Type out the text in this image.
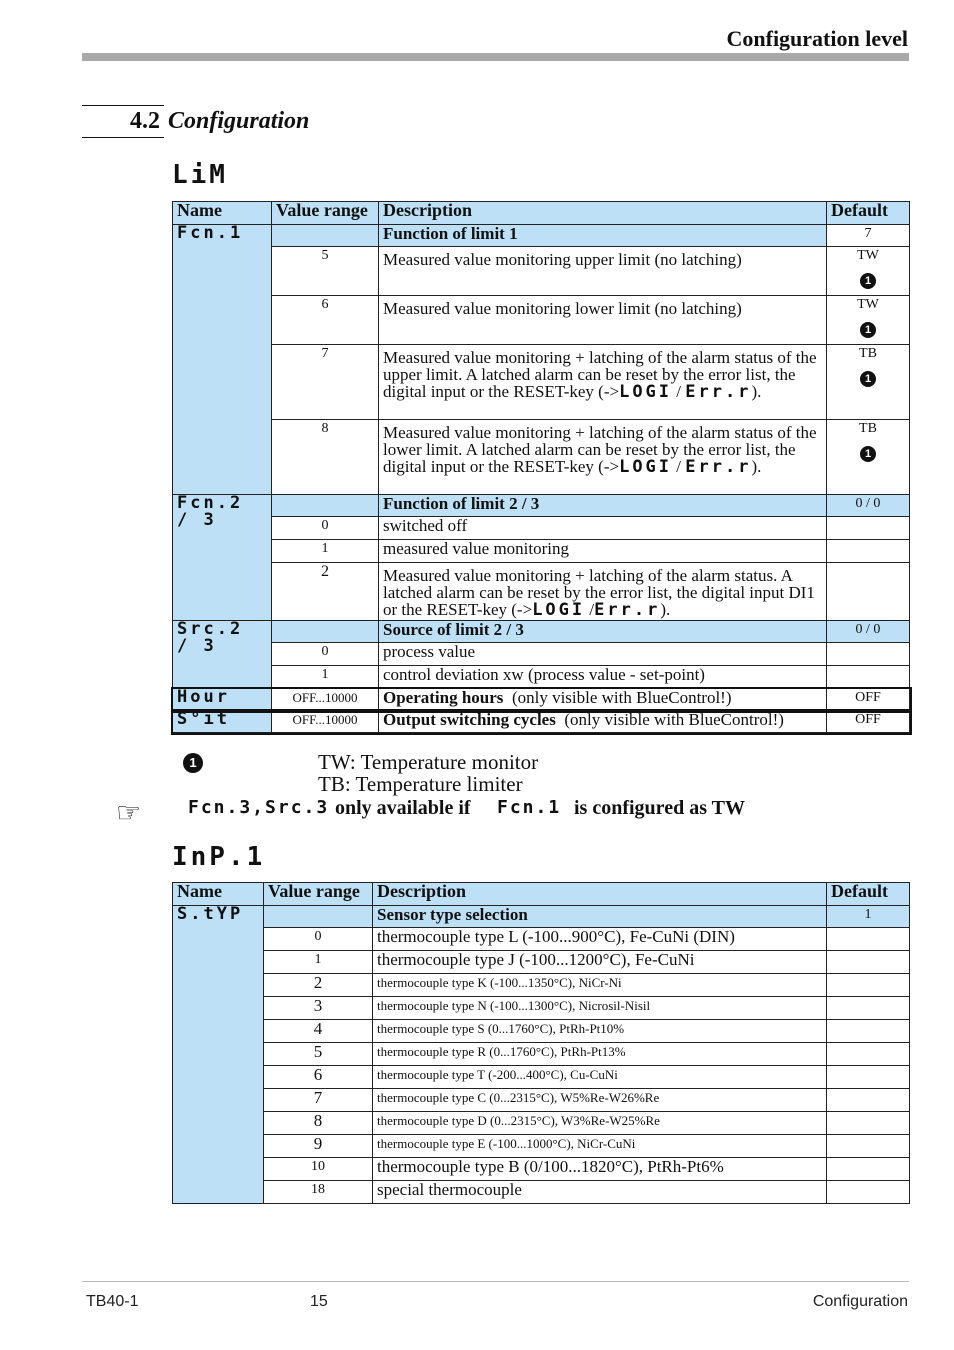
Configuration level
4.2 Configuration
LiM
Name	Value range	Description	Default
Fcn.1		Function of limit 1	7
	5	Measured value monitoring upper limit (no latching)	TW
1

	6	Measured value monitoring lower limit (no latching)	TW
1

	7	Measured value monitoring + latching of the alarm status of the upper limit. A latched alarm can be reset by the error list, the digital input or the RESET-key (->LOGI / Err.r).	TB
1

	8	Measured value monitoring + latching of the alarm status of the lower limit. A latched alarm can be reset by the error list, the digital input or the RESET-key (->LOGI / Err.r).	TB
1

Fcn.2 / 3		Function of limit 2 / 3	0 / 0
	0	switched off	
	1	measured value monitoring	
	2	Measured value monitoring + latching of the alarm status. A latched alarm can be reset by the error list, the digital input DI1 or the RESET-key (->LOGI /Err.r).	
Src.2 / 3		Source of limit 2 / 3	0 / 0
	0	process value	
	1	control deviation xw (process value - set-point)	
Hour	OFF...10000	Operating hours (only visible with BlueControl!)	OFF
S°it	OFF...10000	Output switching cycles (only visible with BlueControl!)	OFF
1	TW: Temperature monitor
TB: Temperature limiter
☞	Fcn.3,Src.3 only available if Fcn.1 is configured as TW
InP.1
Name	Value range	Description	Default
S.tYP		Sensor type selection	1
	0	thermocouple type L (-100...900°C), Fe-CuNi (DIN)	
	1	thermocouple type J (-100...1200°C), Fe-CuNi	
	2	thermocouple type K (-100...1350°C), NiCr-Ni	
	3	thermocouple type N (-100...1300°C), Nicrosil-Nisil	
	4	thermocouple type S (0...1760°C), PtRh-Pt10%	
	5	thermocouple type R (0...1760°C), PtRh-Pt13%	
	6	thermocouple type T (-200...400°C), Cu-CuNi	
	7	thermocouple type C (0...2315°C), W5%Re-W26%Re	
	8	thermocouple type D (0...2315°C), W3%Re-W25%Re	
	9	thermocouple type E (-100...1000°C), NiCr-CuNi	
	10	thermocouple type B (0/100...1820°C), PtRh-Pt6%	
	18	special thermocouple	
TB40-1	15	Configuration
